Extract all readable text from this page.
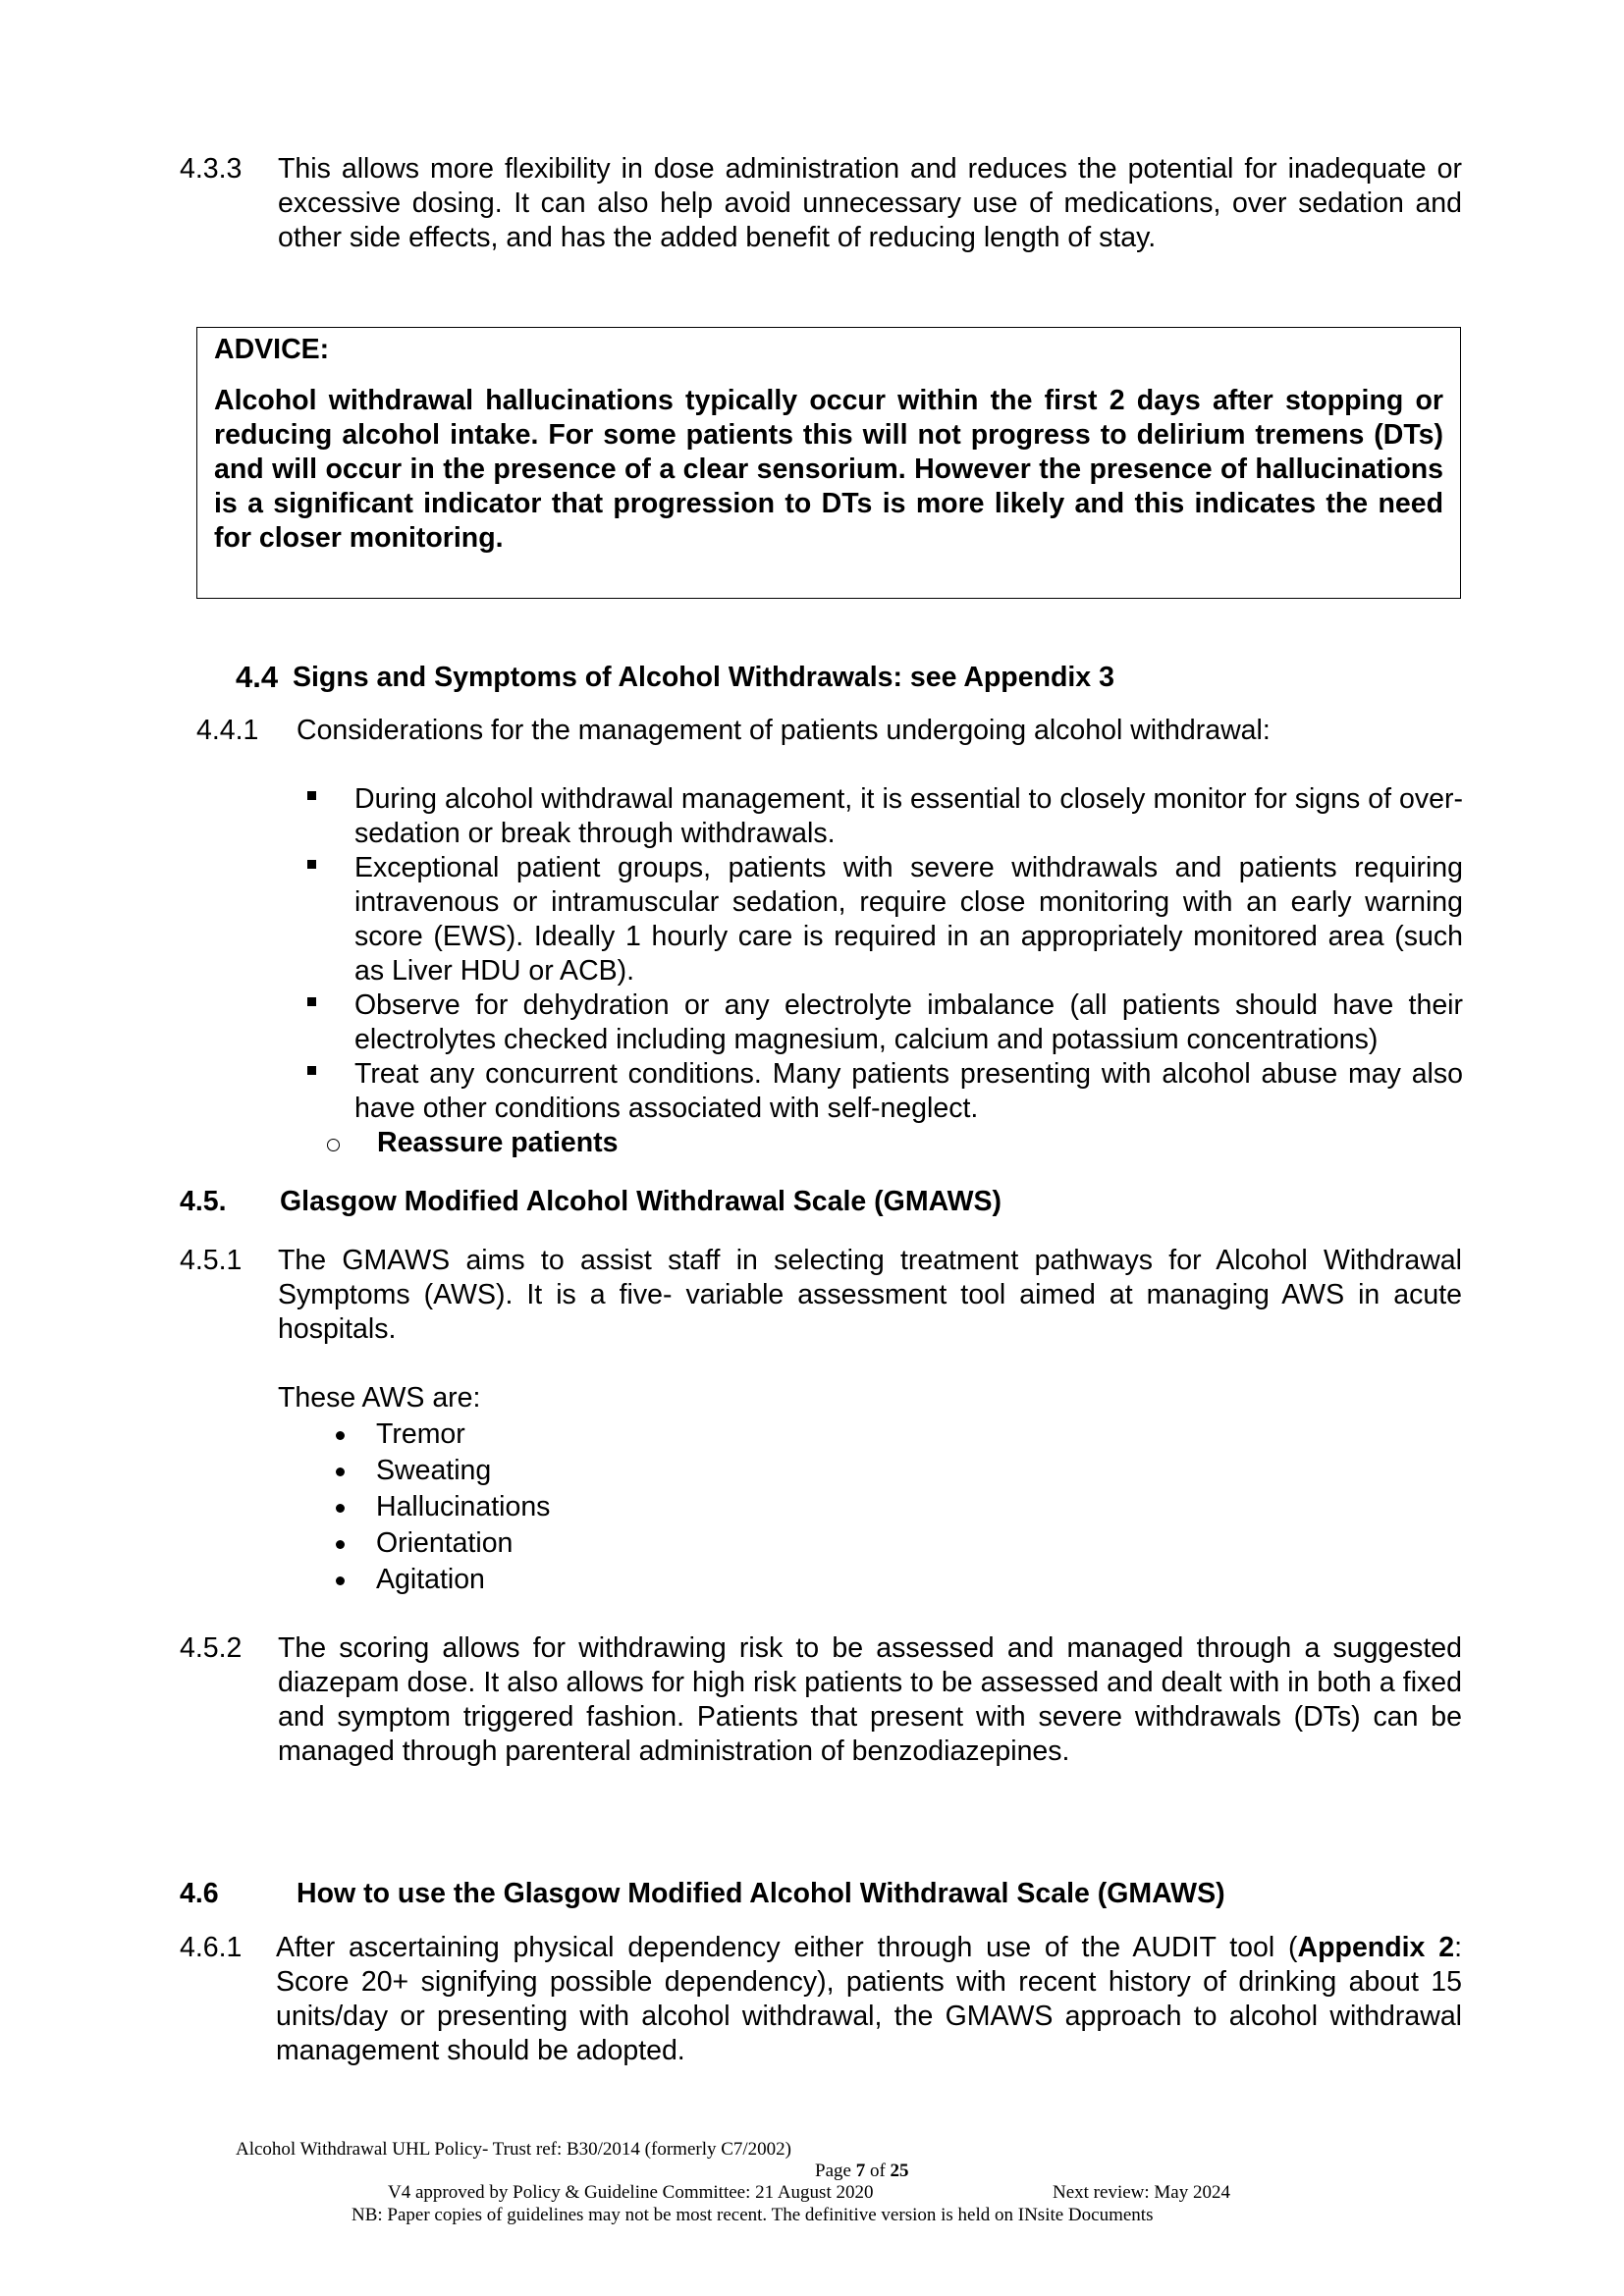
4.3.3 This allows more flexibility in dose administration and reduces the potential for inadequate or excessive dosing. It can also help avoid unnecessary use of medications, over sedation and other side effects, and has the added benefit of reducing length of stay.
ADVICE:
Alcohol withdrawal hallucinations typically occur within the first 2 days after stopping or reducing alcohol intake. For some patients this will not progress to delirium tremens (DTs) and will occur in the presence of a clear sensorium. However the presence of hallucinations is a significant indicator that progression to DTs is more likely and this indicates the need for closer monitoring.
4.4 Signs and Symptoms of Alcohol Withdrawals: see Appendix 3
4.4.1 Considerations for the management of patients undergoing alcohol withdrawal:
During alcohol withdrawal management, it is essential to closely monitor for signs of over-sedation or break through withdrawals.
Exceptional patient groups, patients with severe withdrawals and patients requiring intravenous or intramuscular sedation, require close monitoring with an early warning score (EWS). Ideally 1 hourly care is required in an appropriately monitored area (such as Liver HDU or ACB).
Observe for dehydration or any electrolyte imbalance (all patients should have their electrolytes checked including magnesium, calcium and potassium concentrations)
Treat any concurrent conditions. Many patients presenting with alcohol abuse may also have other conditions associated with self-neglect.
Reassure patients
4.5. Glasgow Modified Alcohol Withdrawal Scale (GMAWS)
4.5.1 The GMAWS aims to assist staff in selecting treatment pathways for Alcohol Withdrawal Symptoms (AWS). It is a five- variable assessment tool aimed at managing AWS in acute hospitals.
These AWS are:
Tremor
Sweating
Hallucinations
Orientation
Agitation
4.5.2 The scoring allows for withdrawing risk to be assessed and managed through a suggested diazepam dose. It also allows for high risk patients to be assessed and dealt with in both a fixed and symptom triggered fashion. Patients that present with severe withdrawals (DTs) can be managed through parenteral administration of benzodiazepines.
4.6	How to use the Glasgow Modified Alcohol Withdrawal Scale (GMAWS)
4.6.1 After ascertaining physical dependency either through use of the AUDIT tool (Appendix 2: Score 20+ signifying possible dependency), patients with recent history of drinking about 15 units/day or presenting with alcohol withdrawal, the GMAWS approach to alcohol withdrawal management should be adopted.
Alcohol Withdrawal UHL Policy- Trust ref: B30/2014 (formerly C7/2002)
Page 7 of 25
V4 approved by Policy & Guideline Committee: 21 August 2020	Next review: May 2024
NB: Paper copies of guidelines may not be most recent. The definitive version is held on INsite Documents
